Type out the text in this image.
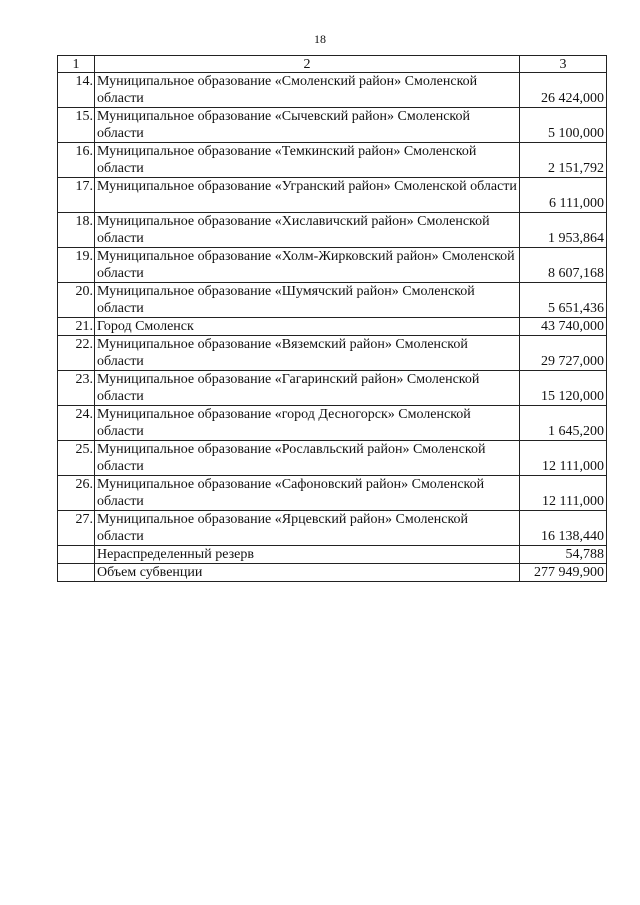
18
1	2	3
14.	Муниципальное образование «Смоленский район» Смоленской области	26 424,000
15.	Муниципальное образование «Сычевский район» Смоленской области	5 100,000
16.	Муниципальное образование «Темкинский район» Смоленской области	2 151,792
17.	Муниципальное образование «Угранский район» Смоленской области	6 111,000
18.	Муниципальное образование «Хиславичский район» Смоленской области	1 953,864
19.	Муниципальное образование «Холм-Жирковский район» Смоленской области	8 607,168
20.	Муниципальное образование «Шумячский район» Смоленской области	5 651,436
21.	Город Смоленск	43 740,000
22.	Муниципальное образование «Вяземский район» Смоленской области	29 727,000
23.	Муниципальное образование «Гагаринский район» Смоленской области	15 120,000
24.	Муниципальное образование «город Десногорск» Смоленской области	1 645,200
25.	Муниципальное образование «Рославльский район» Смоленской области	12 111,000
26.	Муниципальное образование «Сафоновский район» Смоленской области	12 111,000
27.	Муниципальное образование «Ярцевский район» Смоленской области	16 138,440
	Нераспределенный резерв	54,788
	Объем субвенции	277 949,900
